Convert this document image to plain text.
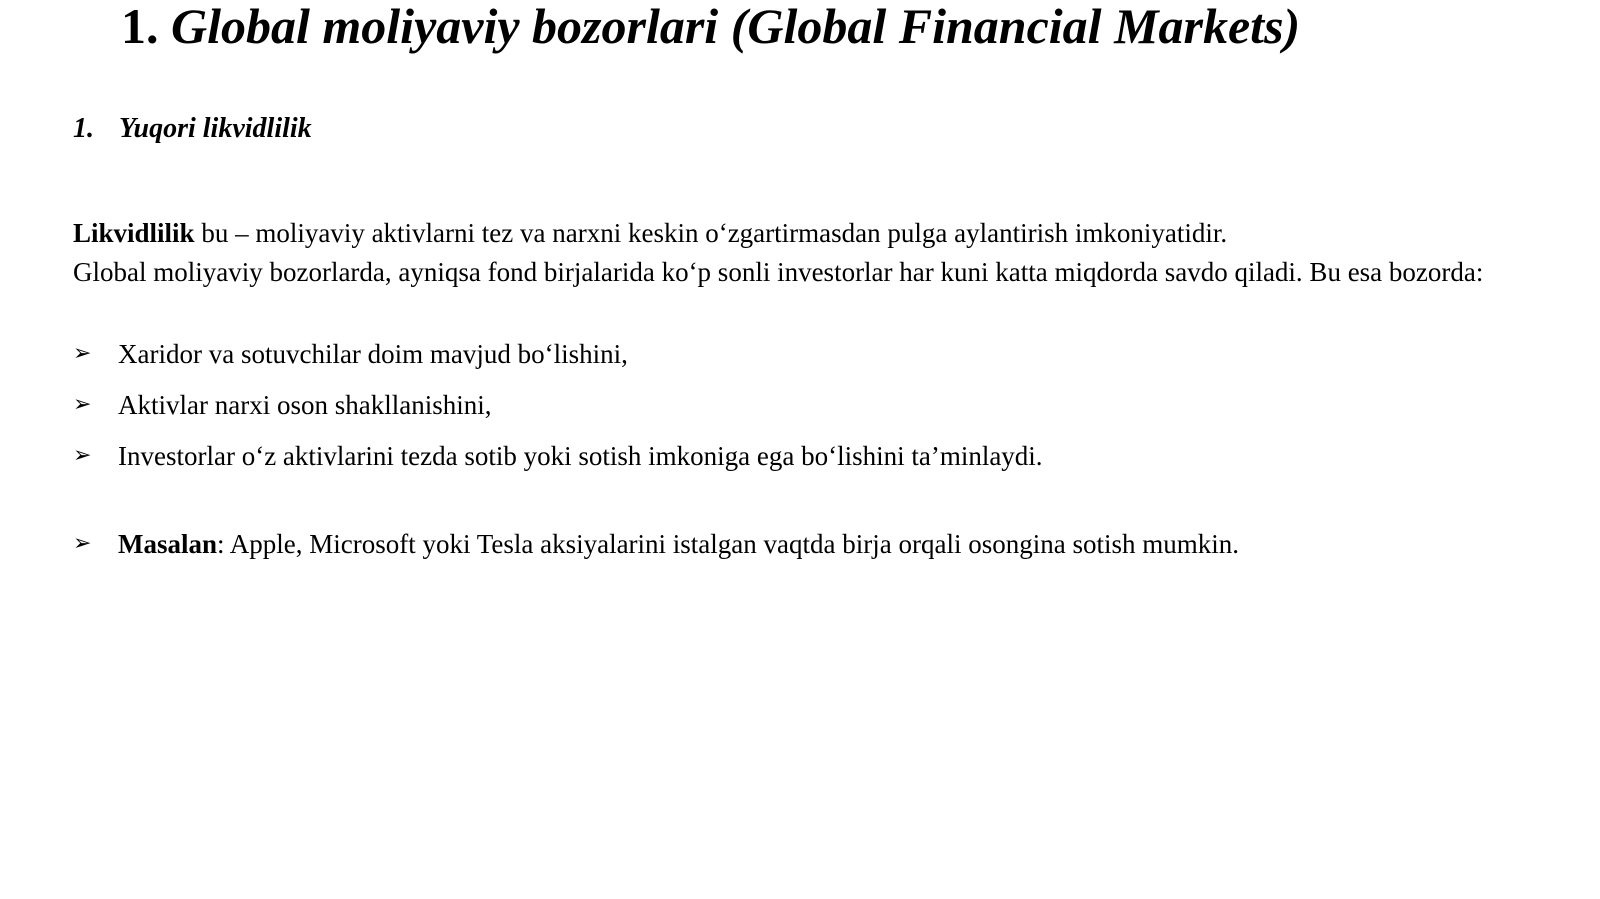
1. Global moliyaviy bozorlari (Global Financial Markets)
1. Yuqori likvidlilik

Likvidlilik bu – moliyaviy aktivlarni tez va narxni keskin o‘zgartirmasdan pulga aylantirish imkoniyatidir.
Global moliyaviy bozorlarda, ayniqsa fond birjalarida ko‘p sonli investorlar har kuni katta miqdorda savdo qiladi. Bu esa bozorda:

➢ Xaridor va sotuvchilar doim mavjud bo‘lishini,
➢ Aktivlar narxi oson shakllanishini,
➢ Investorlar o‘z aktivlarini tezda sotib yoki sotish imkoniga ega bo‘lishini ta’minlaydi.
➢ Masalan: Apple, Microsoft yoki Tesla aksiyalarini istalgan vaqtda birja orqali osongina sotish mumkin.
